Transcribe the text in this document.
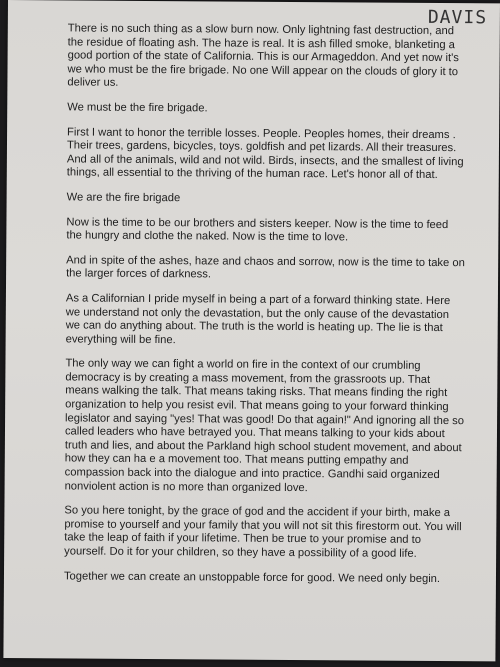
DAVIS

There is no such thing as a slow burn now. Only lightning fast destruction, and the residue of floating ash. The haze is real. It is ash filled smoke, blanketing a good portion of the state of California. This is our Armageddon. And yet now it's we who must be the fire brigade. No one Will appear on the clouds of glory it to deliver us.

We must be the fire brigade.

First I want to honor the terrible losses. People. Peoples homes, their dreams . Their trees, gardens, bicycles, toys. goldfish and pet lizards. All their treasures. And all of the animals, wild and not wild. Birds, insects, and the smallest of living things, all essential to the thriving of the human race. Let's honor all of that.

We are the fire brigade

Now is the time to be our brothers and sisters keeper. Now is the time to feed the hungry and clothe the naked. Now is the time to love.

And in spite of the ashes, haze and chaos and sorrow, now is the time to take on the larger forces of darkness.

As a Californian I pride myself in being a part of a forward thinking state. Here we understand not only the devastation, but the only cause of the devastation we can do anything about. The truth is the world is heating up. The lie is that everything will be fine.

The only way we can fight a world on fire in the context of our crumbling democracy is by creating a mass movement, from the grassroots up. That means walking the talk. That means taking risks. That means finding the right organization to help you resist evil. That means going to your forward thinking legislator and saying "yes! That was good! Do that again!" And ignoring all the so called leaders who have betrayed you. That means talking to your kids about truth and lies, and about the Parkland high school student movement, and about how they can ha e a movement too. That means putting empathy and compassion back into the dialogue and into practice. Gandhi said organized nonviolent action is no more than organized love.

So you here tonight, by the grace of god and the accident if your birth, make a promise to yourself and your family that you will not sit this firestorm out. You will take the leap of faith if your lifetime. Then be true to your promise and to yourself. Do it for your children, so they have a possibility of a good life.

Together we can create an unstoppable force for good. We need only begin.
